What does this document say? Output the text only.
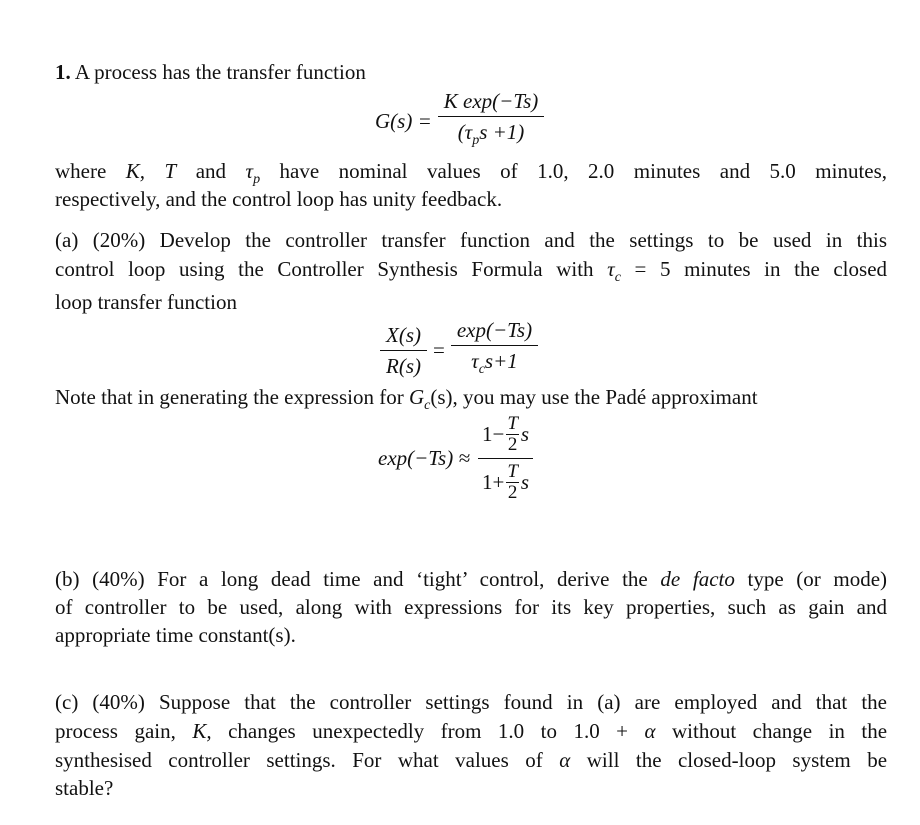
1. A process has the transfer function
$G(s) = \frac{\text{K exp(−Ts)}}{(\tau_ps +1)}$
where K, T and $\tau_p$ have nominal values of 1.0, 2.0 minutes and 5.0 minutes,
respectively, and the control loop has unity feedback.
(a) (20%) Develop the controller transfer function and the settings to be used in this
control loop using the Controller Synthesis Formula with $\tau_c = 5$ minutes in the closed
loop transfer function
$\frac{X(s)}{R(s)} = \frac{\exp(-Ts)}{\tau_cs+1}$
Note that in generating the expression for $G_c(s)$, you may use the Padé approximant
exp(−Ts) ≈
$1- \frac{T}{2}$ s
$1+ \frac{T}{2}$ s
(b) (40%) For a long dead time and ‘tight’ control, derive the de facto type (or mode)
of controller to be used, along with expressions for its key properties, such as gain and
appropriate time constant(s).
(c) (40%) Suppose that the controller settings found in (a) are employed and that the
process gain, K, changes unexpectedly from 1.0 to 1.0 + α without change in the
synthesised controller settings. For what values of α will the closed-loop system be
stable?
